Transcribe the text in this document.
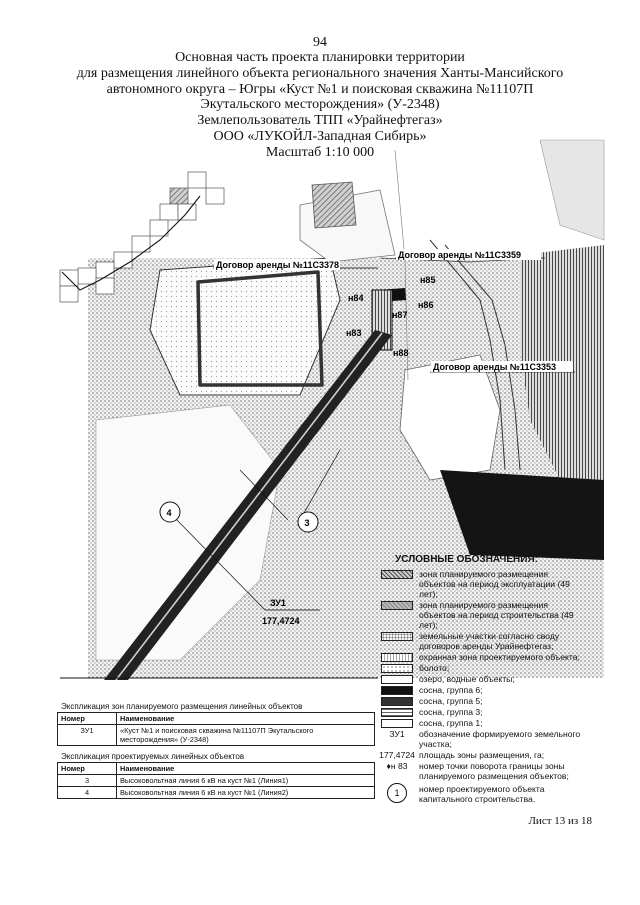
94
Основная часть проекта планировки территории
для размещения линейного объекта регионального значения Ханты-Мансийского
автономного округа – Югры «Куст №1 и поисковая скважина №11107П
Экутальского месторождения» (У-2348)
Землепользователь ТПП «Урайнефтегаз»
ООО «ЛУКОЙЛ-Западная Сибирь»
Масштаб 1:10 000
Договор аренды №11С3378
Договор аренды №11С3359
Договор аренды №11С3353
н85
н84
н86
н87
н83
н88
4
3
ЗУ1
177,4724
УСЛОВНЫЕ ОБОЗНАЧЕНИЯ:
зона планируемого размещения объектов на период эксплуатации (49 лет);
зона планируемого размещения объектов на период строительства (49 лет);
земельные участки согласно своду договоров аренды Урайнефтегаз;
охранная зона проектируемого объекта;
болото;
озеро, водные объекты;
сосна, группа 6;
сосна, группа 5;
сосна, группа 3;
сосна, группа 1;
ЗУ1	обозначение формируемого земельного участка;
177,4724 площадь зоны размещения, га;
♦н 83	номер точки поворота границы зоны планируемого размещения объектов;
1	номер проектируемого объекта капитального строительства.
Экспликация зон планируемого размещения линейных объектов
Номер	Наименование
ЗУ1	«Куст №1 и поисковая скважина №11107П Экутальского месторождения» (У-2348)
Экспликация проектируемых линейных объектов
Номер	Наименование
3	Высоковольтная линия 6 кВ на куст №1 (Линия1)
4	Высоковольтная линия 6 кВ на куст №1 (Линия2)
Лист 13 из 18
